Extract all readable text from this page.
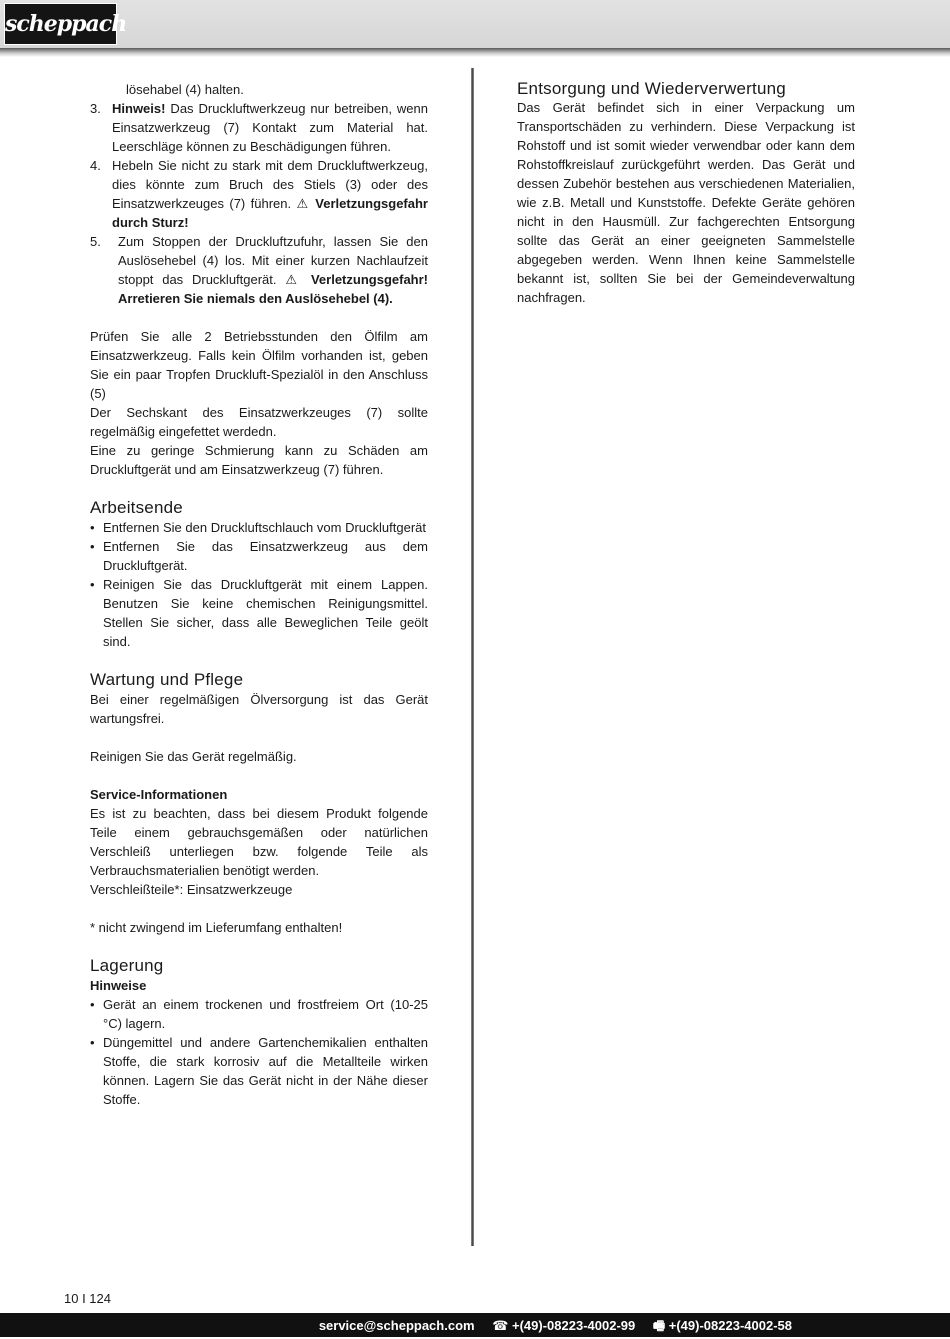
scheppach

lösehabel (4) halten.

3. Hinweis! Das Druckluftwerkzeug nur betreiben, wenn Einsatzwerkzeug (7) Kontakt zum Material hat. Leerschläge können zu Beschädigungen führen.
4. Hebeln Sie nicht zu stark mit dem Druckluftwerkzeug, dies könnte zum Bruch des Stiels (3) oder des Einsatzwerkzeuges (7) führen. ⚠ Verletzungsgefahr durch Sturz!
5.	Zum Stoppen der Druckluftzufuhr, lassen Sie den Auslösehebel (4) los. Mit einer kurzen Nachlaufzeit stoppt das Druckluftgerät. ⚠ Verletzungsgefahr! Arretieren Sie niemals den Auslösehebel (4).

Prüfen Sie alle 2 Betriebsstunden den Ölfilm am Einsatzwerkzeug. Falls kein Ölfilm vorhanden ist, geben Sie ein paar Tropfen Druckluft-Spezialöl in den Anschluss (5)

Der Sechskant des Einsatzwerkzeuges (7) sollte regelmäßig eingefettet werdedn.

Eine zu geringe Schmierung kann zu Schäden am Druckluftgerät und am Einsatzwerkzeug (7) führen.

Arbeitsende
• Entfernen Sie den Druckluftschlauch vom Druckluftgerät
• Entfernen Sie das Einsatzwerkzeug aus dem Druckluftgerät.
• Reinigen Sie das Druckluftgerät mit einem Lappen. Benutzen Sie keine chemischen Reinigungsmittel. Stellen Sie sicher, dass alle Beweglichen Teile geölt sind.
Wartung und Pflege

Bei einer regelmäßigen Ölversorgung ist das Gerät wartungsfrei.

Reinigen Sie das Gerät regelmäßig.

Service-Informationen

Es ist zu beachten, dass bei diesem Produkt folgende Teile einem gebrauchsgemäßen oder natürlichen Verschleiß unterliegen bzw. folgende Teile als Verbrauchsmaterialien benötigt werden.

Verschleißteile*: Einsatzwerkzeuge

* nicht zwingend im Lieferumfang enthalten!

Lagerung
Hinweise
• Gerät an einem trockenen und frostfreiem Ort (10-25 °C) lagern.
• Düngemittel und andere Gartenchemikalien enthalten Stoffe, die stark korrosiv auf die Metallteile wirken können. Lagern Sie das Gerät nicht in der Nähe dieser Stoffe.
Entsorgung und Wiederverwertung

Das Gerät befindet sich in einer Verpackung um Transportschäden zu verhindern. Diese Verpackung ist Rohstoff und ist somit wieder verwendbar oder kann dem Rohstoffkreislauf zurückgeführt werden. Das Gerät und dessen Zubehör bestehen aus verschiedenen Materialien, wie z.B. Metall und Kunststoffe. Defekte Geräte gehören nicht in den Hausmüll. Zur fachgerechten Entsorgung sollte das Gerät an einer geeigneten Sammelstelle abgegeben werden. Wenn Ihnen keine Sammelstelle bekannt ist, sollten Sie bei der Gemeindeverwaltung nachfragen.

10 I 124
service@scheppach.com ☎ +(49)-08223-4002-99 🖷 +(49)-08223-4002-58
